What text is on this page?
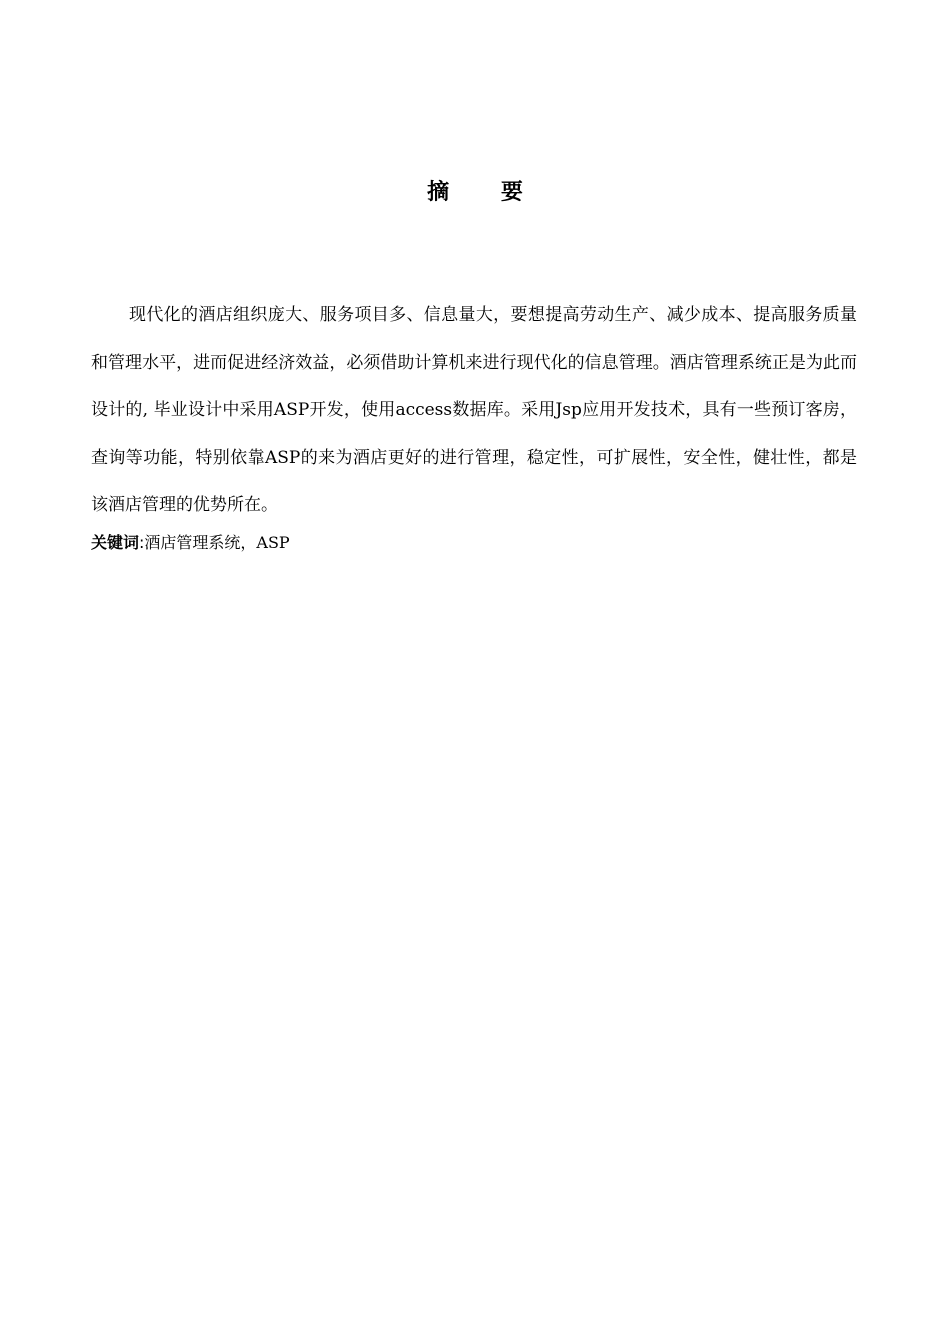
摘 要

现代化的酒店组织庞大、服务项目多、信息量大，要想提高劳动生产、减少成本、提高服务质量和管理水平，进而促进经济效益，必须借助计算机来进行现代化的信息管理。酒店管理系统正是为此而设计的, 毕业设计中采用ASP开发，使用access数据库。采用Jsp应用开发技术，具有一些预订客房，查询等功能，特别依靠ASP的来为酒店更好的进行管理，稳定性，可扩展性，安全性，健壮性，都是该酒店管理的优势所在。

关键词:酒店管理系统，ASP
